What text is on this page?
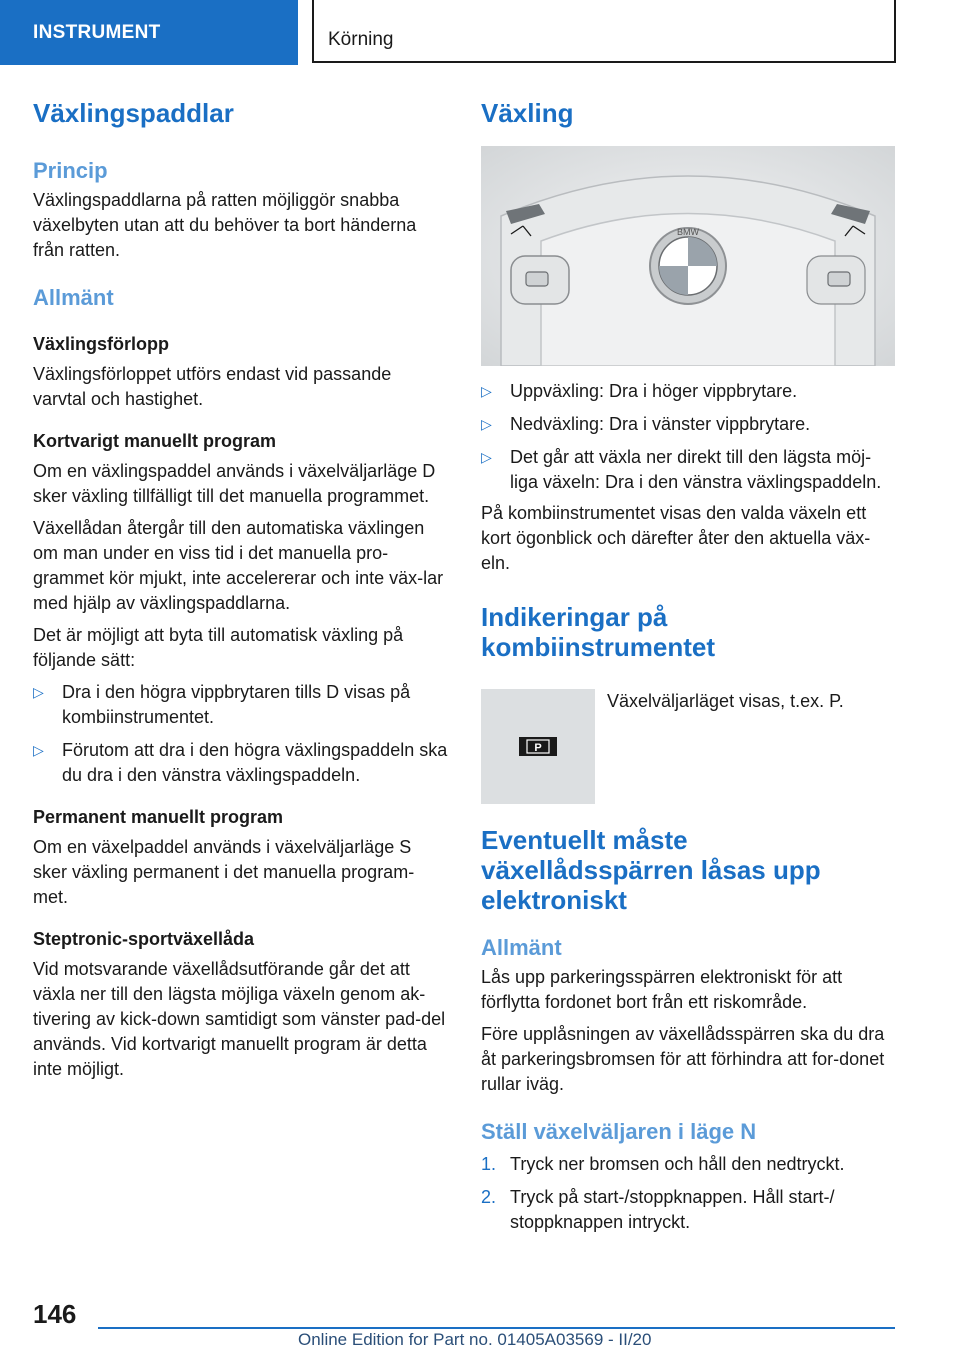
INSTRUMENT	Körning
Växlingspaddlar
Princip
Växlingspaddlarna på ratten möjliggör snabba växelbyten utan att du behöver ta bort händerna från ratten.
Allmänt
Växlingsförlopp
Växlingsförloppet utförs endast vid passande varvtal och hastighet.
Kortvarigt manuellt program
Om en växlingspaddel används i växelväljarläge D sker växling tillfälligt till det manuella programmet.
Växellådan återgår till den automatiska växlingen om man under en viss tid i det manuella pro-grammet kör mjukt, inte accelererar och inte väx-lar med hjälp av växlingspaddlarna.
Det är möjligt att byta till automatisk växling på följande sätt:
▷ Dra i den högra vippbrytaren tills D visas på kombiinstrumentet.
▷ Förutom att dra i den högra växlingspaddeln ska du dra i den vänstra växlingspaddeln.
Permanent manuellt program
Om en växelpaddel används i växelväljarläge S sker växling permanent i det manuella program-met.
Steptronic-sportväxellåda
Vid motsvarande växellådsutförande går det att växla ner till den lägsta möjliga växeln genom ak-tivering av kick-down samtidigt som vänster pad-del används. Vid kortvarigt manuellt program är detta inte möjligt.
Växling
BMW
▷ Uppväxling: Dra i höger vippbrytare.
▷ Nedväxling: Dra i vänster vippbrytare.
▷ Det går att växla ner direkt till den lägsta möj-liga växeln: Dra i den vänstra växlingspaddeln.
På kombiinstrumentet visas den valda växeln ett kort ögonblick och därefter åter den aktuella väx-eln.
Indikeringar på kombiinstrumentet
P
Växelväljarläget visas, t.ex. P.
Eventuellt måste växellådsspärren låsas upp elektroniskt
Allmänt
Lås upp parkeringsspärren elektroniskt för att förflytta fordonet bort från ett riskområde.
Före upplåsningen av växellådsspärren ska du dra åt parkeringsbromsen för att förhindra att for-donet rullar iväg.
Ställ växelväljaren i läge N
1. Tryck ner bromsen och håll den nedtryckt.
2. Tryck på start-/stoppknappen. Håll start-/ stoppknappen intryckt.
146
Online Edition for Part no. 01405A03569 - II/20
